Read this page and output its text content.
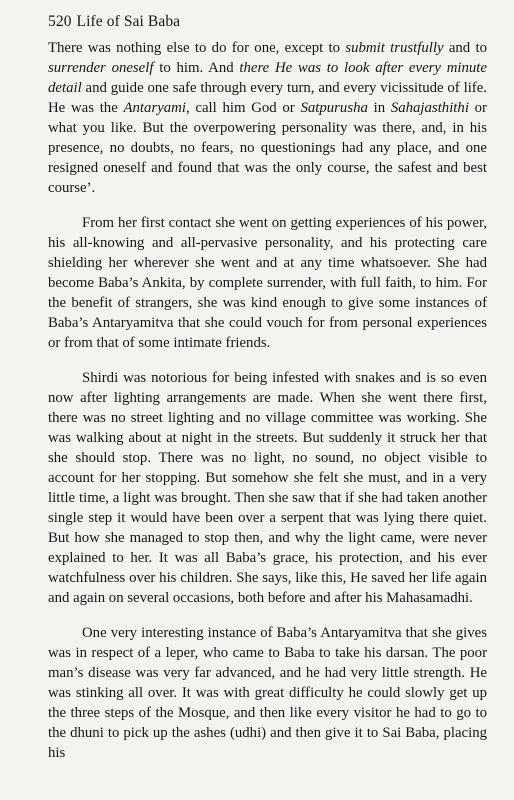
520 Life of Sai Baba

There was nothing else to do for one, except to submit trustfully and to surrender oneself to him. And there He was to look after every minute detail and guide one safe through every turn, and every vicissitude of life. He was the Antaryami, call him God or Satpurusha in Sahajasthithi or what you like. But the overpowering personality was there, and, in his presence, no doubts, no fears, no questionings had any place, and one resigned oneself and found that was the only course, the safest and best course’.

From her first contact she went on getting experiences of his power, his all-knowing and all-pervasive personality, and his protecting care shielding her wherever she went and at any time whatsoever. She had become Baba’s Ankita, by complete surrender, with full faith, to him. For the benefit of strangers, she was kind enough to give some instances of Baba’s Antaryamitva that she could vouch for from personal experiences or from that of some intimate friends.

Shirdi was notorious for being infested with snakes and is so even now after lighting arrangements are made. When she went there first, there was no street lighting and no village committee was working. She was walking about at night in the streets. But suddenly it struck her that she should stop. There was no light, no sound, no object visible to account for her stopping. But somehow she felt she must, and in a very little time, a light was brought. Then she saw that if she had taken another single step it would have been over a serpent that was lying there quiet. But how she managed to stop then, and why the light came, were never explained to her. It was all Baba’s grace, his protection, and his ever watchfulness over his children. She says, like this, He saved her life again and again on several occasions, both before and after his Mahasamadhi.

One very interesting instance of Baba’s Antaryamitva that she gives was in respect of a leper, who came to Baba to take his darsan. The poor man’s disease was very far advanced, and he had very little strength. He was stinking all over. It was with great difficulty he could slowly get up the three steps of the Mosque, and then like every visitor he had to go to the dhuni to pick up the ashes (udhi) and then give it to Sai Baba, placing his
